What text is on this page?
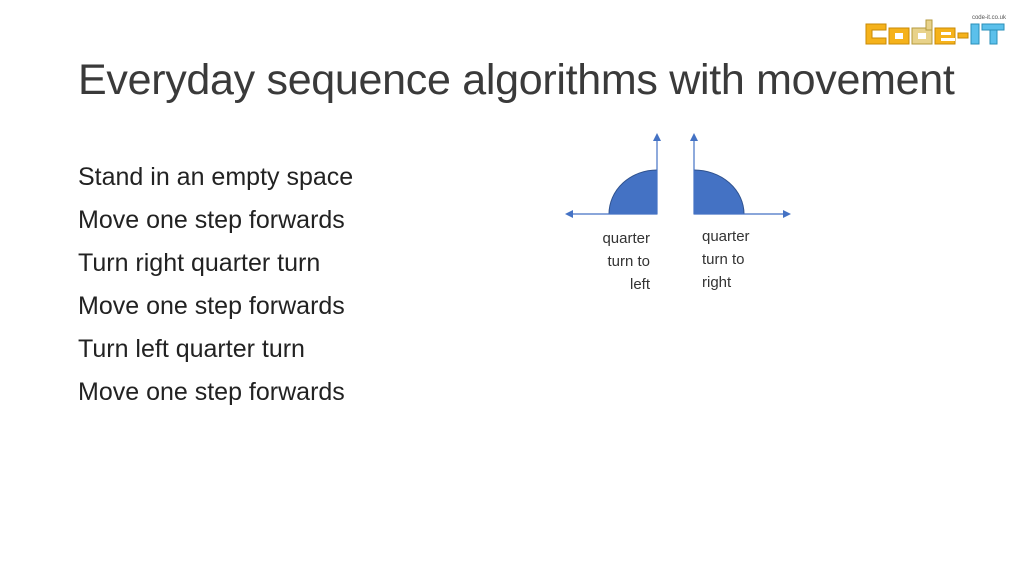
code-it.co.uk
Everyday sequence algorithms with movement
Stand in an empty space
Move one step forwards
Turn right quarter turn
Move one step forwards
Turn left quarter turn
Move one step forwards
quarter
turn to
left
quarter
turn to
right
